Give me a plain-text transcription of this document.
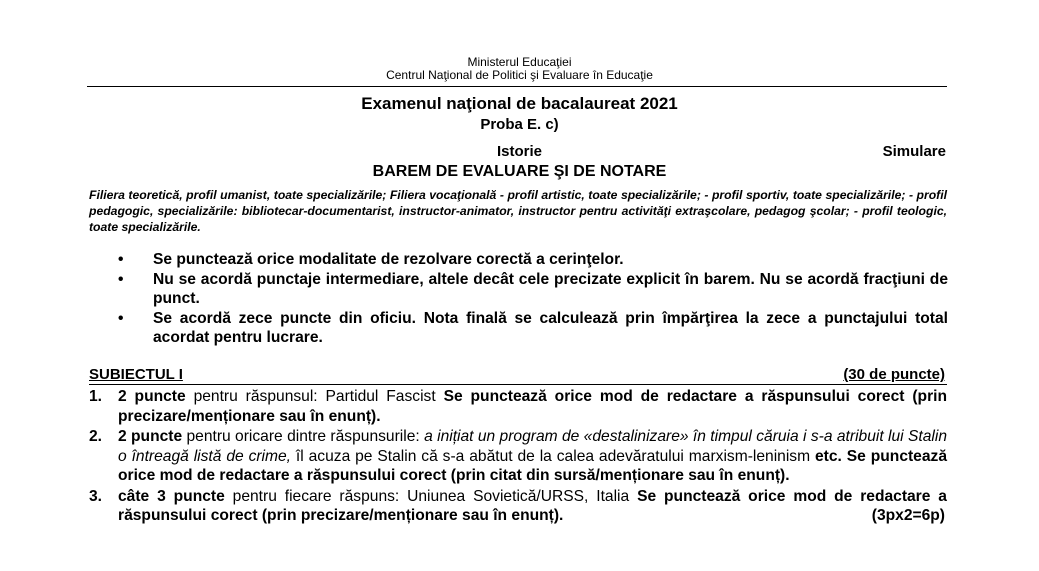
Ministerul Educaţiei
Centrul Naţional de Politici şi Evaluare în Educaţie
Examenul naţional de bacalaureat 2021
Proba E. c)
Istorie	Simulare
BAREM DE EVALUARE ŞI DE NOTARE
Filiera teoretică, profil umanist, toate specializările; Filiera vocaţională - profil artistic, toate specializările; - profil sportiv, toate specializările; - profil pedagogic, specializările: bibliotecar-documentarist, instructor-animator, instructor pentru activităţi extraşcolare, pedagog şcolar; - profil teologic, toate specializările.
• Se punctează orice modalitate de rezolvare corectă a cerinţelor.
• Nu se acordă punctaje intermediare, altele decât cele precizate explicit în barem. Nu se acordă fracţiuni de punct.
• Se acordă zece puncte din oficiu. Nota finală se calculează prin împărţirea la zece a punctajului total acordat pentru lucrare.
SUBIECTUL I	(30 de puncte)
1. 2 puncte pentru răspunsul: Partidul Fascist Se punctează orice mod de redactare a răspunsului corect (prin precizare/menționare sau în enunț).
2. 2 puncte pentru oricare dintre răspunsurile: a inițiat un program de «destalinizare» în timpul căruia i s-a atribuit lui Stalin o întreagă listă de crime, îl acuza pe Stalin că s-a abătut de la calea adevăratului marxism-leninism etc. Se punctează orice mod de redactare a răspunsului corect (prin citat din sursă/menționare sau în enunț).
3. câte 3 puncte pentru fiecare răspuns: Uniunea Sovietică/URSS, Italia Se punctează orice mod de redactare a răspunsului corect (prin precizare/menționare sau în enunț).	(3px2=6p)
